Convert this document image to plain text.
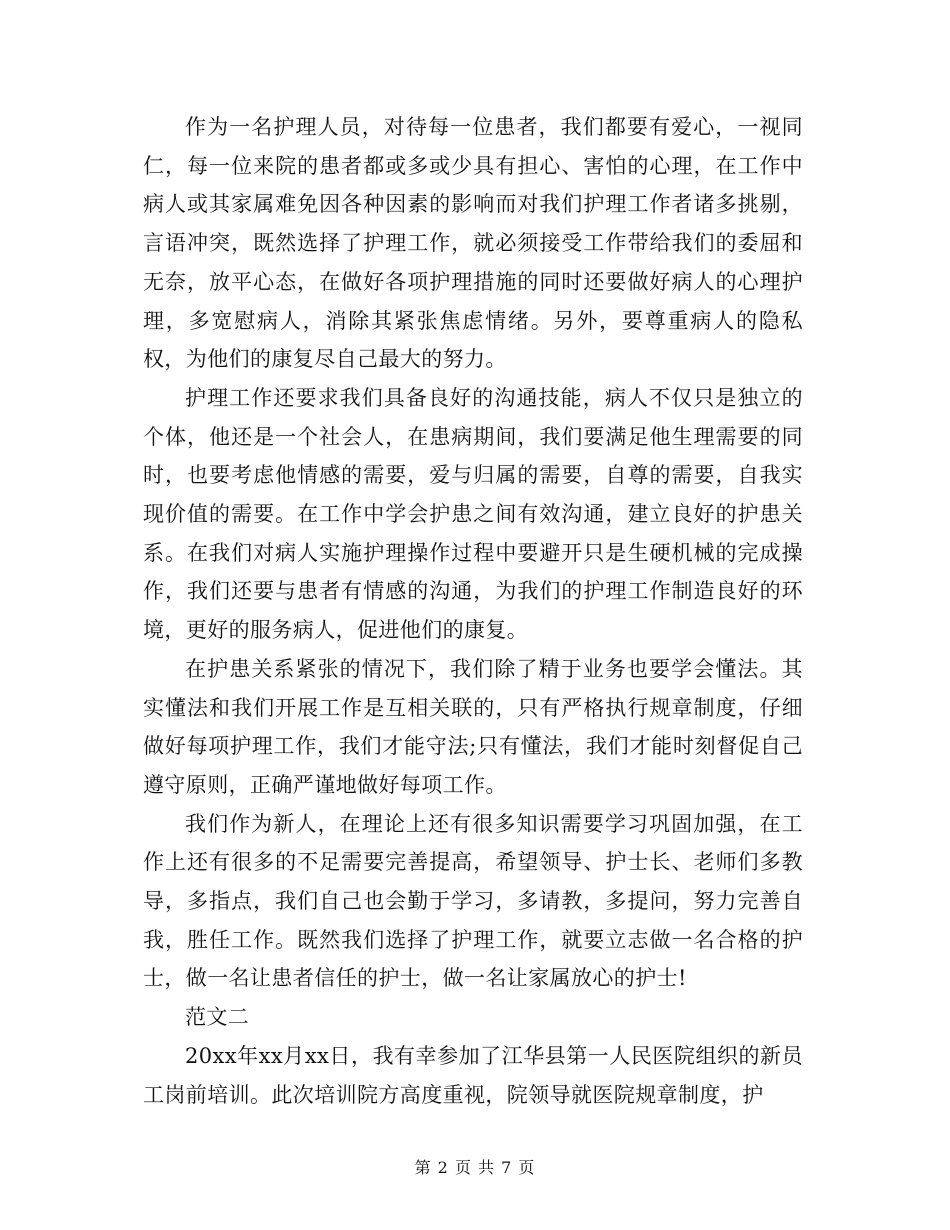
作为一名护理人员，对待每一位患者，我们都要有爱心，一视同仁，每一位来院的患者都或多或少具有担心、害怕的心理，在工作中病人或其家属难免因各种因素的影响而对我们护理工作者诸多挑剔，言语冲突，既然选择了护理工作，就必须接受工作带给我们的委屈和无奈，放平心态，在做好各项护理措施的同时还要做好病人的心理护理，多宽慰病人，消除其紧张焦虑情绪。另外，要尊重病人的隐私权，为他们的康复尽自己最大的努力。

护理工作还要求我们具备良好的沟通技能，病人不仅只是独立的个体，他还是一个社会人，在患病期间，我们要满足他生理需要的同时，也要考虑他情感的需要，爱与归属的需要，自尊的需要，自我实现价值的需要。在工作中学会护患之间有效沟通，建立良好的护患关系。在我们对病人实施护理操作过程中要避开只是生硬机械的完成操作，我们还要与患者有情感的沟通，为我们的护理工作制造良好的环境，更好的服务病人，促进他们的康复。

在护患关系紧张的情况下，我们除了精于业务也要学会懂法。其实懂法和我们开展工作是互相关联的，只有严格执行规章制度，仔细做好每项护理工作，我们才能守法;只有懂法，我们才能时刻督促自己遵守原则，正确严谨地做好每项工作。

我们作为新人，在理论上还有很多知识需要学习巩固加强，在工作上还有很多的不足需要完善提高，希望领导、护士长、老师们多教导，多指点，我们自己也会勤于学习，多请教，多提问，努力完善自我，胜任工作。既然我们选择了护理工作，就要立志做一名合格的护士，做一名让患者信任的护士，做一名让家属放心的护士!

范文二

20xx年xx月xx日，我有幸参加了江华县第一人民医院组织的新员工岗前培训。此次培训院方高度重视，院领导就医院规章制度，护

第 2 页 共 7 页
